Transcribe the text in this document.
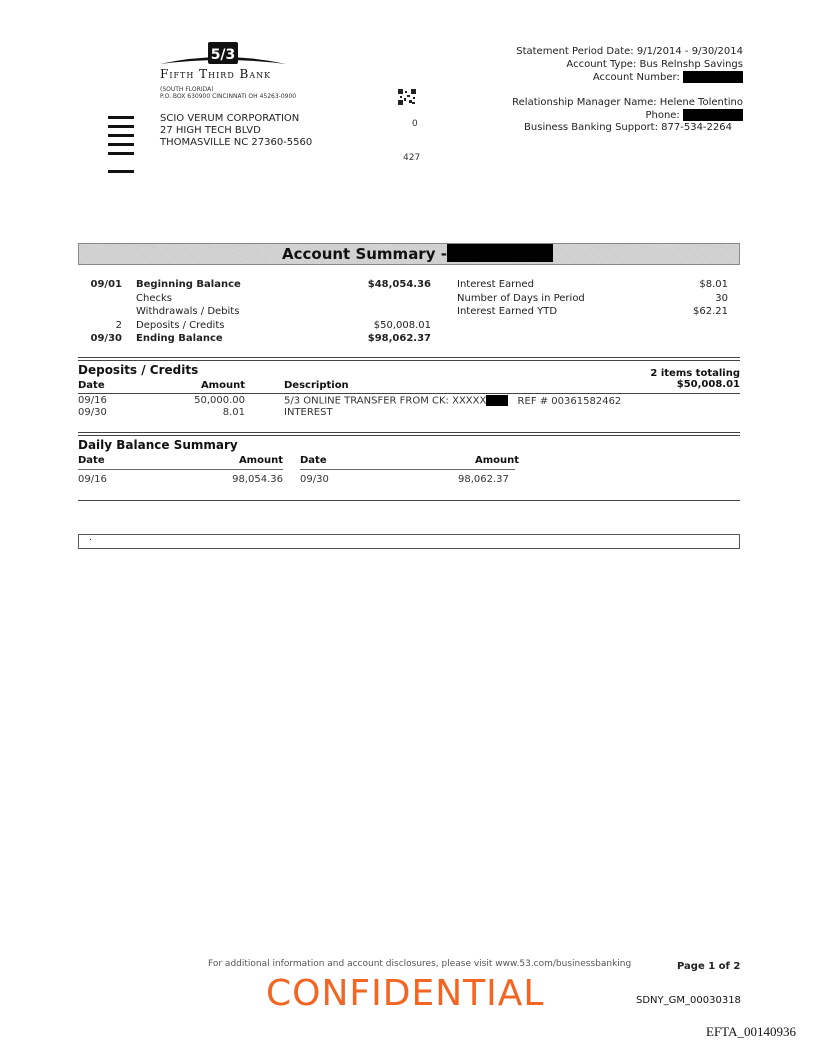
5/3
Fifth Third Bank
(SOUTH FLORIDA)
P.O. BOX 630900 CINCINNATI OH 45263-0900
SCIO VERUM CORPORATION
27 HIGH TECH BLVD
THOMASVILLE NC 27360-5560
0
427
Statement Period Date: 9/1/2014 - 9/30/2014
Account Type: Bus Relnshp Savings
Account Number:
Relationship Manager Name: Helene Tolentino
Phone:
Business Banking Support: 877-534-2264
Account Summary -
09/01	Beginning Balance	$48,054.36
Checks
Withdrawals / Debits
2	Deposits / Credits	$50,008.01
09/30	Ending Balance	$98,062.37
Interest Earned	$8.01
Number of Days in Period	30
Interest Earned YTD	$62.21
Deposits / Credits	2 items totaling $50,008.01
Date	Amount	Description
09/16	50,000.00	5/3 ONLINE TRANSFER FROM CK: XXXXX	REF # 00361582462
09/30	8.01	INTEREST
Daily Balance Summary
Date	Amount Date	Amount
09/16	98,054.36 09/30	98,062.37
.
For additional information and account disclosures, please visit www.53.com/businessbanking	Page 1 of 2
CONFIDENTIAL	SDNY_GM_00030318
EFTA_00140936
